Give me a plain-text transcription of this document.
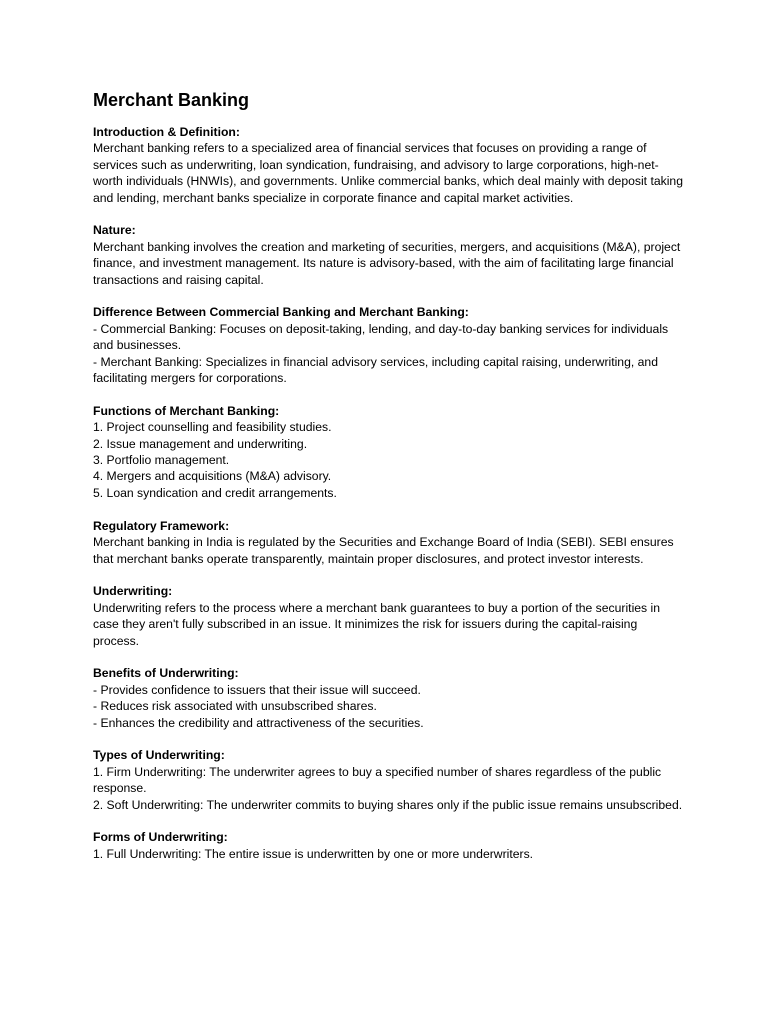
Merchant Banking

Introduction & Definition:

Merchant banking refers to a specialized area of financial services that focuses on providing a range of services such as underwriting, loan syndication, fundraising, and advisory to large corporations, high-net-worth individuals (HNWIs), and governments. Unlike commercial banks, which deal mainly with deposit taking and lending, merchant banks specialize in corporate finance and capital market activities.

Nature:

Merchant banking involves the creation and marketing of securities, mergers, and acquisitions (M&A), project finance, and investment management. Its nature is advisory-based, with the aim of facilitating large financial transactions and raising capital.

Difference Between Commercial Banking and Merchant Banking:

- Commercial Banking: Focuses on deposit-taking, lending, and day-to-day banking services for individuals and businesses.
- Merchant Banking: Specializes in financial advisory services, including capital raising, underwriting, and facilitating mergers for corporations.

Functions of Merchant Banking:

1. Project counselling and feasibility studies.
2. Issue management and underwriting.
3. Portfolio management.
4. Mergers and acquisitions (M&A) advisory.
5. Loan syndication and credit arrangements.

Regulatory Framework:

Merchant banking in India is regulated by the Securities and Exchange Board of India (SEBI). SEBI ensures that merchant banks operate transparently, maintain proper disclosures, and protect investor interests.

Underwriting:

Underwriting refers to the process where a merchant bank guarantees to buy a portion of the securities in case they aren't fully subscribed in an issue. It minimizes the risk for issuers during the capital-raising process.

Benefits of Underwriting:

- Provides confidence to issuers that their issue will succeed.
- Reduces risk associated with unsubscribed shares.
- Enhances the credibility and attractiveness of the securities.

Types of Underwriting:

1. Firm Underwriting: The underwriter agrees to buy a specified number of shares regardless of the public response.
2. Soft Underwriting: The underwriter commits to buying shares only if the public issue remains unsubscribed.

Forms of Underwriting:

1. Full Underwriting: The entire issue is underwritten by one or more underwriters.
